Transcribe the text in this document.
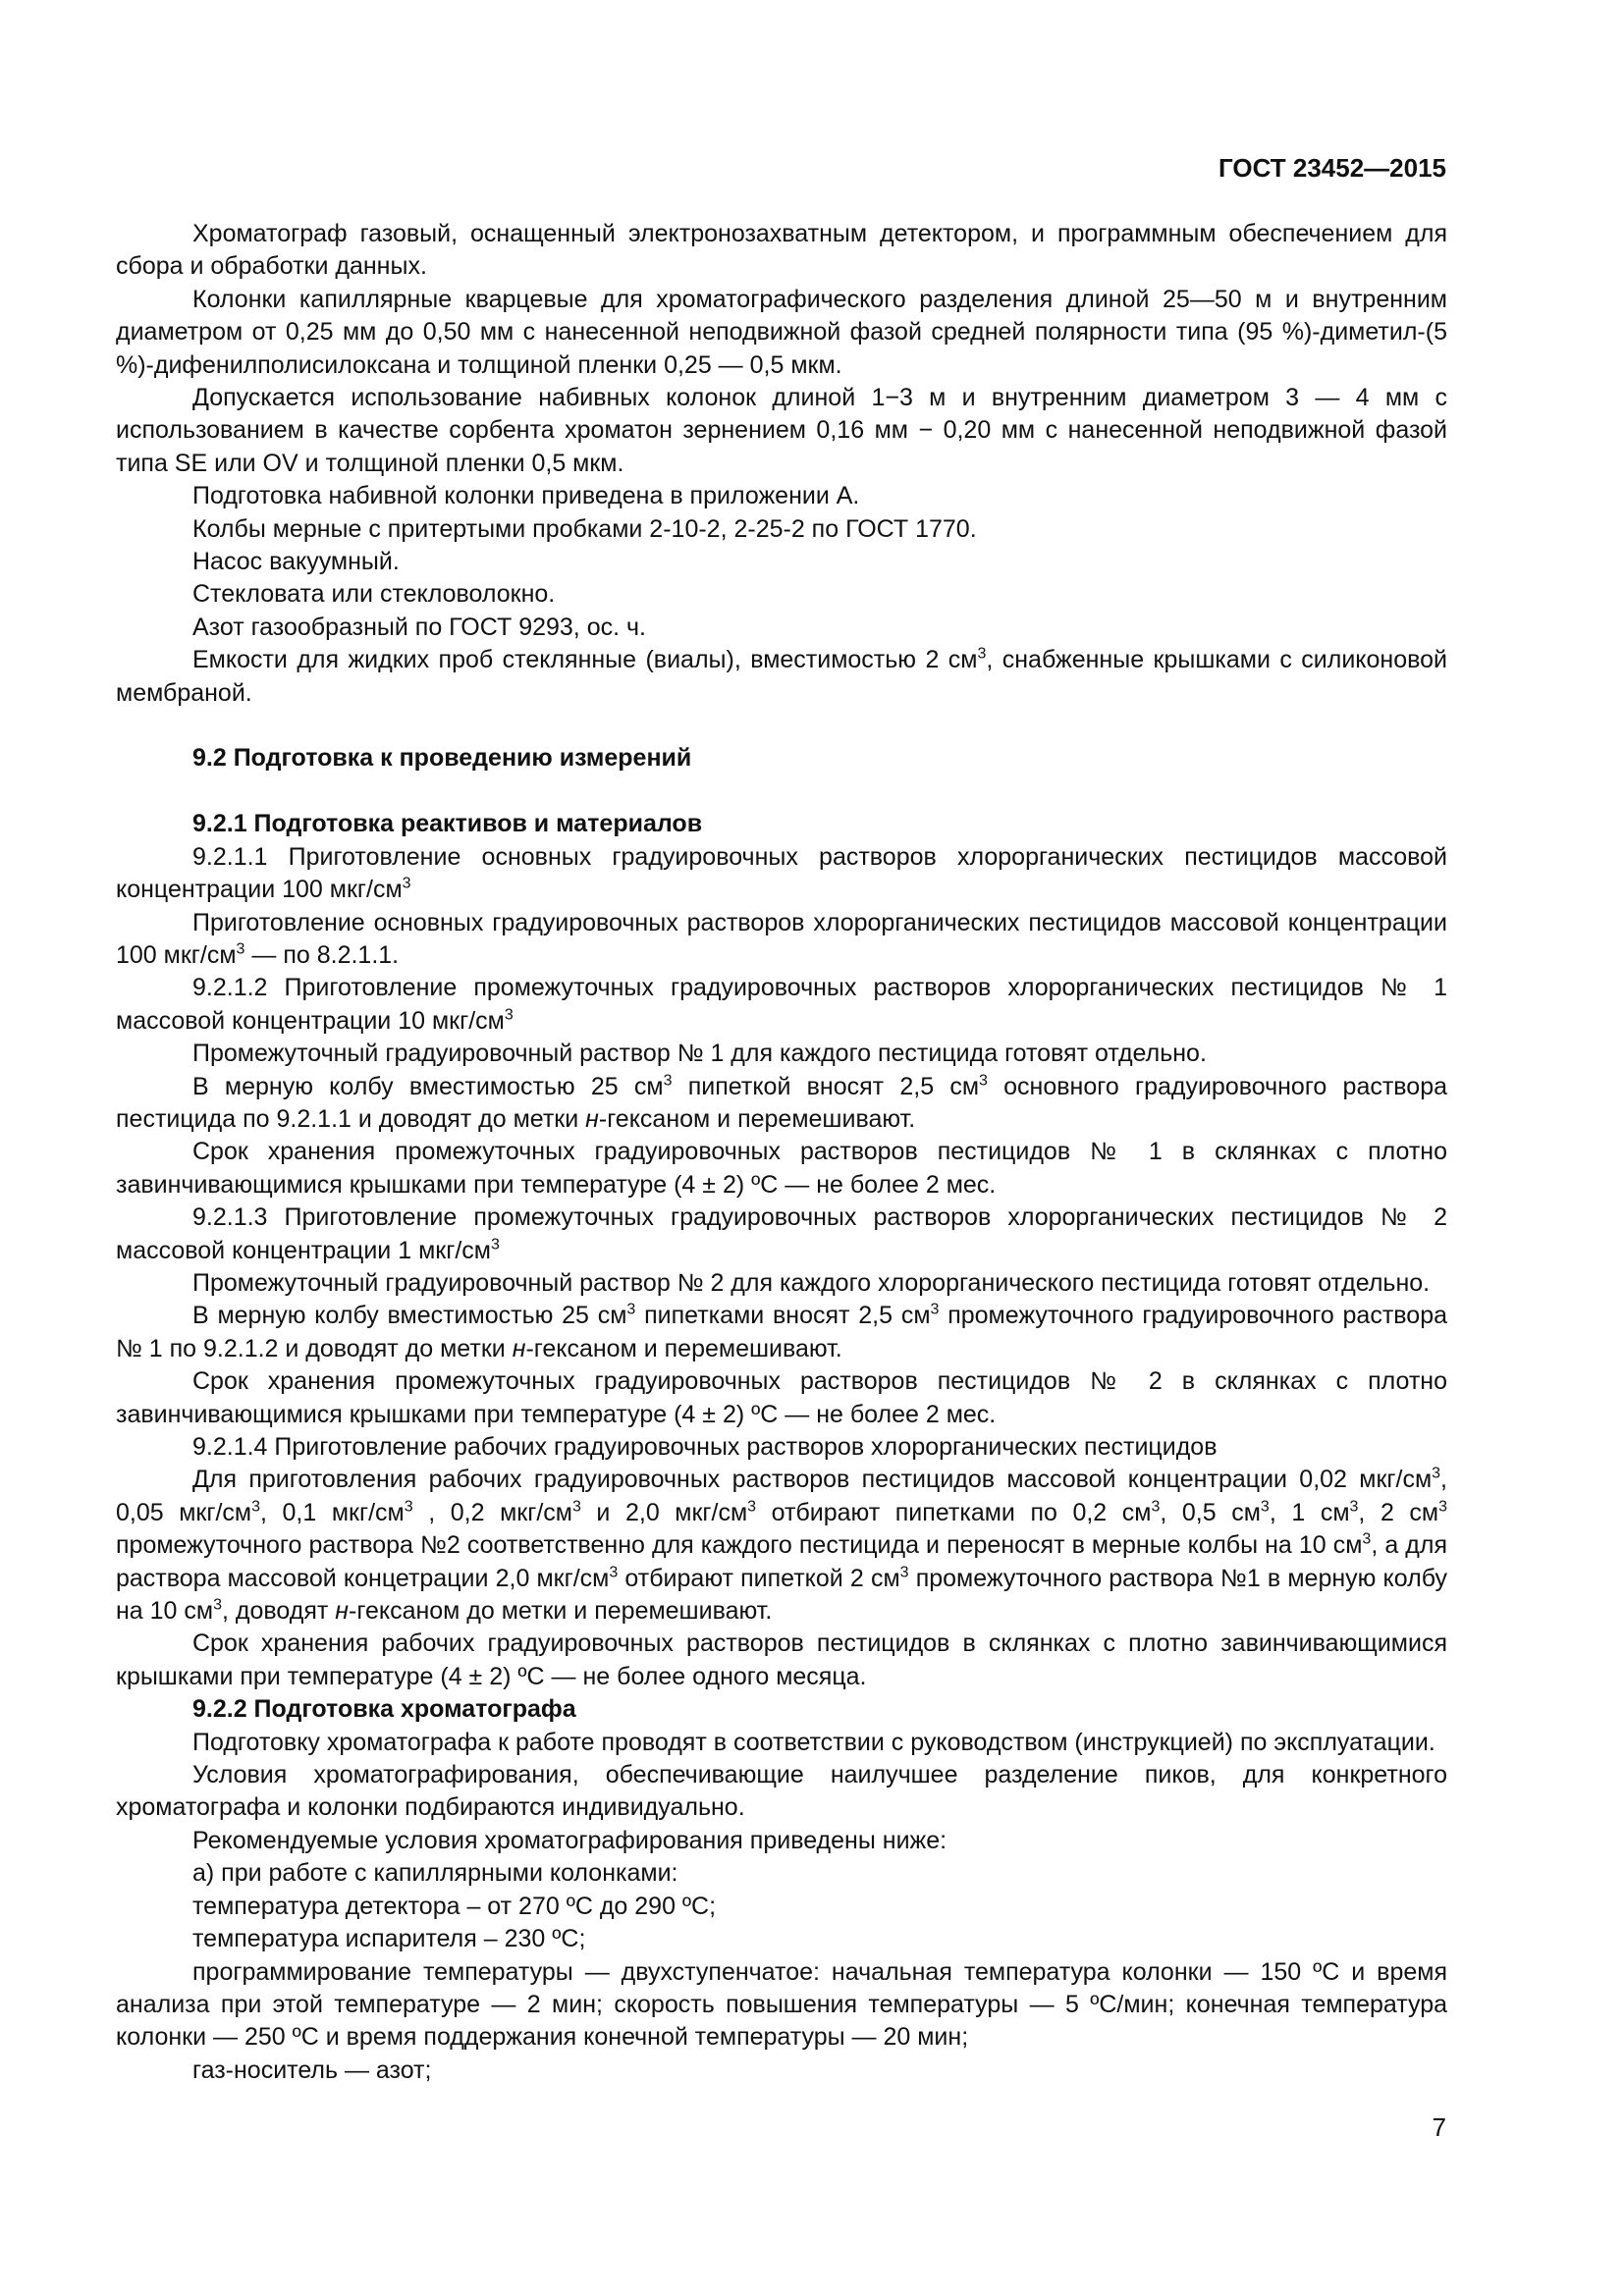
ГОСТ 23452—2015

Хроматограф газовый, оснащенный электронозахватным детектором, и программным обеспечением для сбора и обработки данных.

Колонки капиллярные кварцевые для хроматографического разделения длиной 25—50 м и внутренним диаметром от 0,25 мм до 0,50 мм с нанесенной неподвижной фазой средней полярности типа (95 %)-диметил-(5 %)-дифенилполисилоксана и толщиной пленки 0,25 — 0,5 мкм.

Допускается использование набивных колонок длиной 1−3 м и внутренним диаметром 3 — 4 мм с использованием в качестве сорбента хроматон зернением 0,16 мм − 0,20 мм с нанесенной неподвижной фазой типа SE или OV и толщиной пленки 0,5 мкм.

Подготовка набивной колонки приведена в приложении А.

Колбы мерные с притертыми пробками 2-10-2, 2-25-2 по ГОСТ 1770.

Насос вакуумный.

Стекловата или стекловолокно.

Азот газообразный по ГОСТ 9293, ос. ч.

Емкости для жидких проб стеклянные (виалы), вместимостью 2 $см^3$, снабженные крышками с силиконовой мембраной.

9.2 Подготовка к проведению измерений

9.2.1 Подготовка реактивов и материалов

9.2.1.1 Приготовление основных градуировочных растворов хлорорганических пестицидов массовой концентрации 100 мкг/$см^3$

Приготовление основных градуировочных растворов хлорорганических пестицидов массовой концентрации 100 мкг/$см^3$ — по 8.2.1.1.

9.2.1.2 Приготовление промежуточных градуировочных растворов хлорорганических пестицидов № 1 массовой концентрации 10 мкг/$см^3$

Промежуточный градуировочный раствор № 1 для каждого пестицида готовят отдельно.

В мерную колбу вместимостью 25 $см^3$ пипеткой вносят 2,5 $см^3$ основного градуировочного раствора пестицида по 9.2.1.1 и доводят до метки н-гексаном и перемешивают.

Срок хранения промежуточных градуировочных растворов пестицидов № 1 в склянках с плотно завинчивающимися крышками при температуре (4 ± 2) ºС — не более 2 мес.

9.2.1.3 Приготовление промежуточных градуировочных растворов хлорорганических пестицидов № 2 массовой концентрации 1 мкг/$см^3$

Промежуточный градуировочный раствор № 2 для каждого хлорорганического пестицида готовят отдельно.

В мерную колбу вместимостью 25 $см^3$ пипетками вносят 2,5 $см^3$ промежуточного градуировочного раствора № 1 по 9.2.1.2 и доводят до метки н-гексаном и перемешивают.

Срок хранения промежуточных градуировочных растворов пестицидов № 2 в склянках с плотно завинчивающимися крышками при температуре (4 ± 2) ºС — не более 2 мес.

9.2.1.4 Приготовление рабочих градуировочных растворов хлорорганических пестицидов

Для приготовления рабочих градуировочных растворов пестицидов массовой концентрации 0,02 мкг/$см^3$, 0,05 мкг/$см^3$, 0,1 мкг/$см^3$ , 0,2 мкг/$см^3$ и 2,0 мкг/$см^3$ отбирают пипетками по 0,2 $см^3$, 0,5 $см^3$, 1 $см^3$, 2 $см^3$ промежуточного раствора №2 соответственно для каждого пестицида и переносят в мерные колбы на 10 $см^3$, а для раствора массовой концетрации 2,0 мкг/$см^3$ отбирают пипеткой 2 $см^3$ промежуточного раствора №1 в мерную колбу на 10 $см^3$, доводят н-гексаном до метки и перемешивают.

Срок хранения рабочих градуировочных растворов пестицидов в склянках с плотно завинчивающимися крышками при температуре (4 ± 2) ºС — не более одного месяца.

9.2.2 Подготовка хроматографа

Подготовку хроматографа к работе проводят в соответствии с руководством (инструкцией) по эксплуатации.

Условия хроматографирования, обеспечивающие наилучшее разделение пиков, для конкретного хроматографа и колонки подбираются индивидуально.

Рекомендуемые условия хроматографирования приведены ниже:

а) при работе с капиллярными колонками:

температура детектора – от 270 ºС до 290 ºС;

температура испарителя – 230 ºС;

программирование температуры — двухступенчатое: начальная температура колонки — 150 ºС и время анализа при этой температуре — 2 мин; скорость повышения температуры — 5 ºС/мин; конечная температура колонки — 250 ºС и время поддержания конечной температуры — 20 мин;

газ-носитель — азот;

7
